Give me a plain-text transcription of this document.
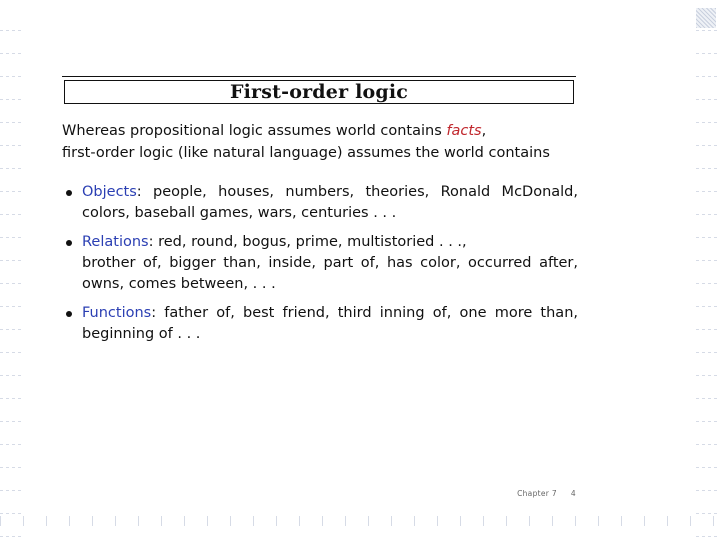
First-order logic
Whereas propositional logic assumes world contains facts,
first-order logic (like natural language) assumes the world contains
Objects: people, houses, numbers, theories, Ronald McDonald, colors, baseball games, wars, centuries . . .
Relations: red, round, bogus, prime, multistoried . . .,
brother of, bigger than, inside, part of, has color, occurred after, owns, comes between, . . .
Functions: father of, best friend, third inning of, one more than, beginning of . . .
Chapter 7 4
